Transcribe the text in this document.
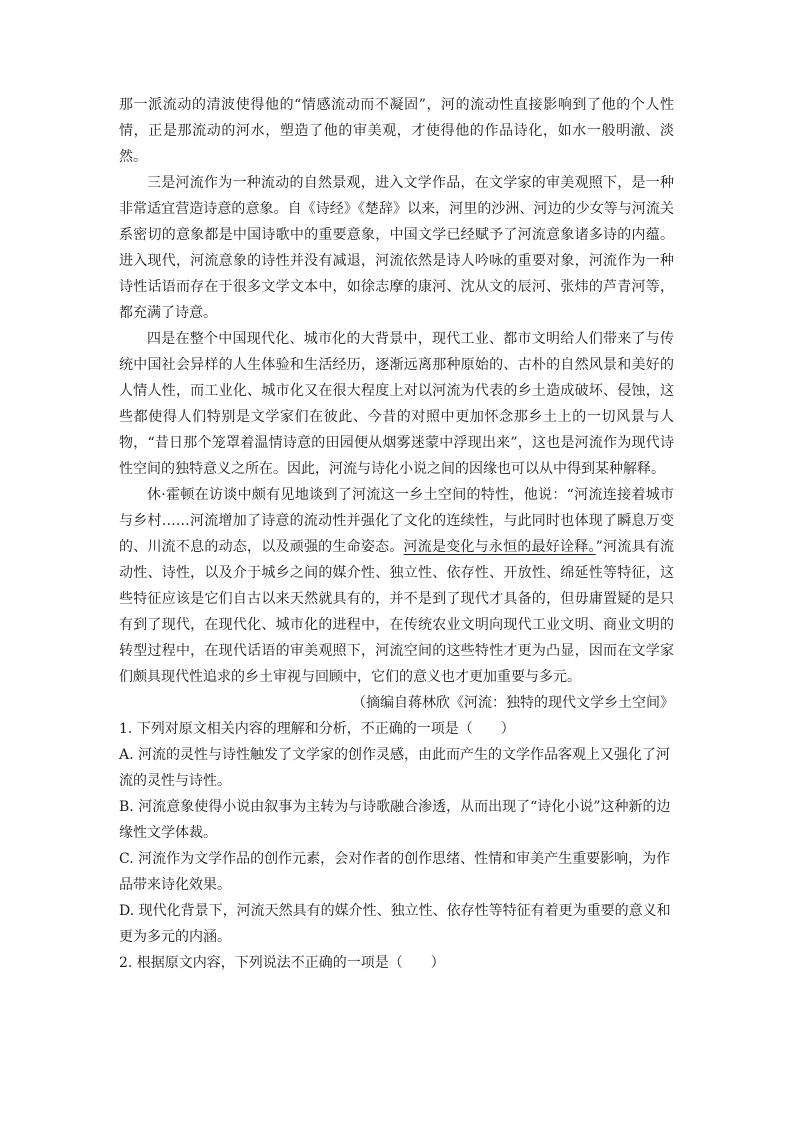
那一派流动的清波使得他的“情感流动而不凝固”，河的流动性直接影响到了他的个人性情，正是那流动的河水，塑造了他的审美观，才使得他的作品诗化，如水一般明澈、淡然。

三是河流作为一种流动的自然景观，进入文学作品，在文学家的审美观照下，是一种非常适宜营造诗意的意象。自《诗经》《楚辞》以来，河里的沙洲、河边的少女等与河流关系密切的意象都是中国诗歌中的重要意象，中国文学已经赋予了河流意象诸多诗的内蕴。进入现代，河流意象的诗性并没有减退，河流依然是诗人吟咏的重要对象，河流作为一种诗性话语而存在于很多文学文本中，如徐志摩的康河、沈从文的辰河、张炜的芦青河等，都充满了诗意。

四是在整个中国现代化、城市化的大背景中，现代工业、都市文明给人们带来了与传统中国社会异样的人生体验和生活经历，逐渐远离那种原始的、古朴的自然风景和美好的人情人性，而工业化、城市化又在很大程度上对以河流为代表的乡土造成破坏、侵蚀，这些都使得人们特别是文学家们在彼此、今昔的对照中更加怀念那乡土上的一切风景与人物，“昔日那个笼罩着温情诗意的田园便从烟雾迷蒙中浮现出来”，这也是河流作为现代诗性空间的独特意义之所在。因此，河流与诗化小说之间的因缘也可以从中得到某种解释。

休·霍顿在访谈中颇有见地谈到了河流这一乡土空间的特性，他说：“河流连接着城市与乡村……河流增加了诗意的流动性并强化了文化的连续性，与此同时也体现了瞬息万变的、川流不息的动态，以及顽强的生命姿态。河流是变化与永恒的最好诠释。”河流具有流动性、诗性，以及介于城乡之间的媒介性、独立性、依存性、开放性、绵延性等特征，这些特征应该是它们自古以来天然就具有的，并不是到了现代才具备的，但毋庸置疑的是只有到了现代，在现代化、城市化的进程中，在传统农业文明向现代工业文明、商业文明的转型过程中，在现代话语的审美观照下，河流空间的这些特性才更为凸显，因而在文学家们颇具现代性追求的乡土审视与回顾中，它们的意义也才更加重要与多元。

（摘编自蒋林欣《河流：独特的现代文学乡土空间》

1. 下列对原文相关内容的理解和分析，不正确的一项是（　　）

A. 河流的灵性与诗性触发了文学家的创作灵感，由此而产生的文学作品客观上又强化了河流的灵性与诗性。

B. 河流意象使得小说由叙事为主转为与诗歌融合渗透，从而出现了“诗化小说”这种新的边缘性文学体裁。

C. 河流作为文学作品的创作元素，会对作者的创作思绪、性情和审美产生重要影响，为作品带来诗化效果。

D. 现代化背景下，河流天然具有的媒介性、独立性、依存性等特征有着更为重要的意义和更为多元的内涵。

2. 根据原文内容，下列说法不正确的一项是（　　）
